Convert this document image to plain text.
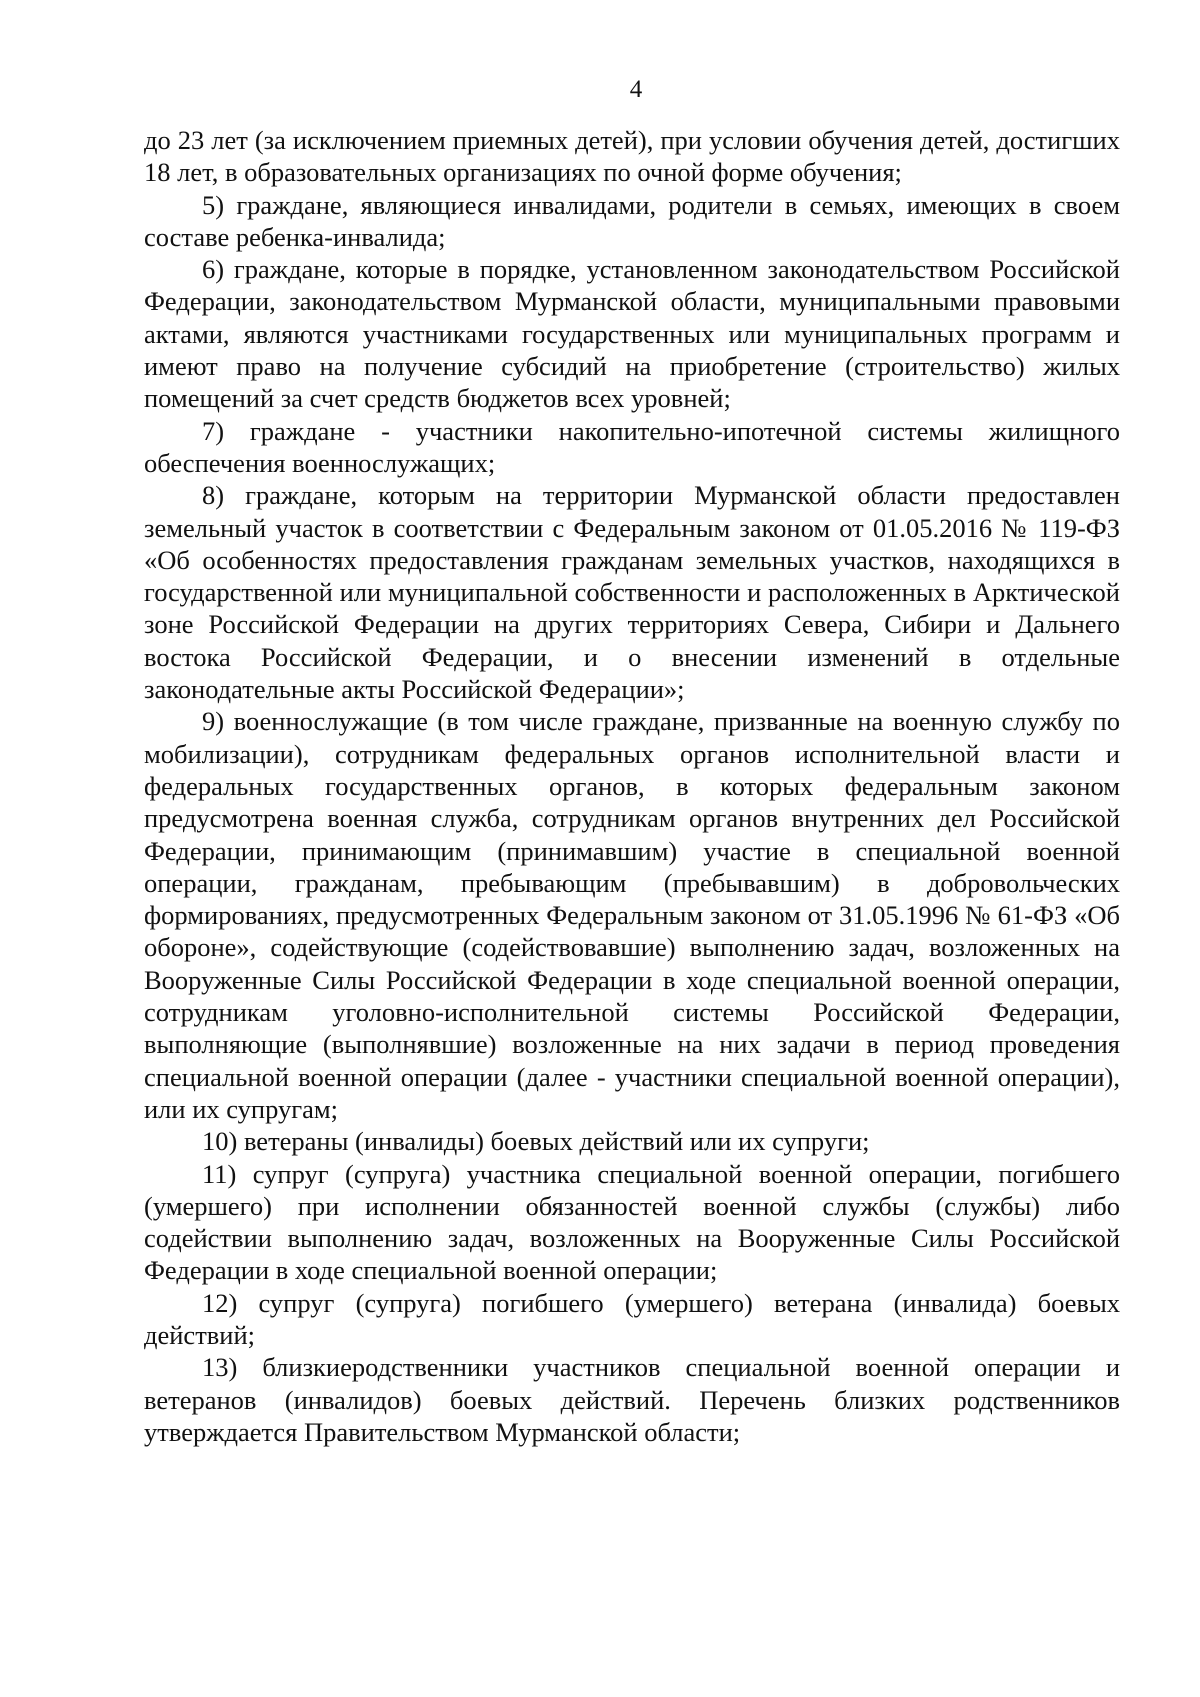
4

до 23 лет (за исключением приемных детей), при условии обучения детей, достигших 18 лет, в образовательных организациях по очной форме обучения;

5) граждане, являющиеся инвалидами, родители в семьях, имеющих в своем составе ребенка-инвалида;

6) граждане, которые в порядке, установленном законодательством Российской Федерации, законодательством Мурманской области, муниципальными правовыми актами, являются участниками государственных или муниципальных программ и имеют право на получение субсидий на приобретение (строительство) жилых помещений за счет средств бюджетов всех уровней;

7) граждане - участники накопительно-ипотечной системы жилищного обеспечения военнослужащих;

8) граждане, которым на территории Мурманской области предоставлен земельный участок в соответствии с Федеральным законом от 01.05.2016 № 119-ФЗ «Об особенностях предоставления гражданам земельных участков, находящихся в государственной или муниципальной собственности и расположенных в Арктической зоне Российской Федерации на других территориях Севера, Сибири и Дальнего востока Российской Федерации, и о внесении изменений в отдельные законодательные акты Российской Федерации»;

9) военнослужащие (в том числе граждане, призванные на военную службу по мобилизации), сотрудникам федеральных органов исполнительной власти и федеральных государственных органов, в которых федеральным законом предусмотрена военная служба, сотрудникам органов внутренних дел Российской Федерации, принимающим (принимавшим) участие в специальной военной операции, гражданам, пребывающим (пребывавшим) в добровольческих формированиях, предусмотренных Федеральным законом от 31.05.1996 № 61-ФЗ «Об обороне», содействующие (содействовавшие) выполнению задач, возложенных на Вооруженные Силы Российской Федерации в ходе специальной военной операции, сотрудникам уголовно-исполнительной системы Российской Федерации, выполняющие (выполнявшие) возложенные на них задачи в период проведения специальной военной операции (далее - участники специальной военной операции), или их супругам;

10) ветераны (инвалиды) боевых действий или их супруги;

11) супруг (супруга) участника специальной военной операции, погибшего (умершего) при исполнении обязанностей военной службы (службы) либо содействии выполнению задач, возложенных на Вооруженные Силы Российской Федерации в ходе специальной военной операции;

12) супруг (супруга) погибшего (умершего) ветерана (инвалида) боевых действий;

13) близкиеродственники участников специальной военной операции и ветеранов (инвалидов) боевых действий. Перечень близких родственников утверждается Правительством Мурманской области;
